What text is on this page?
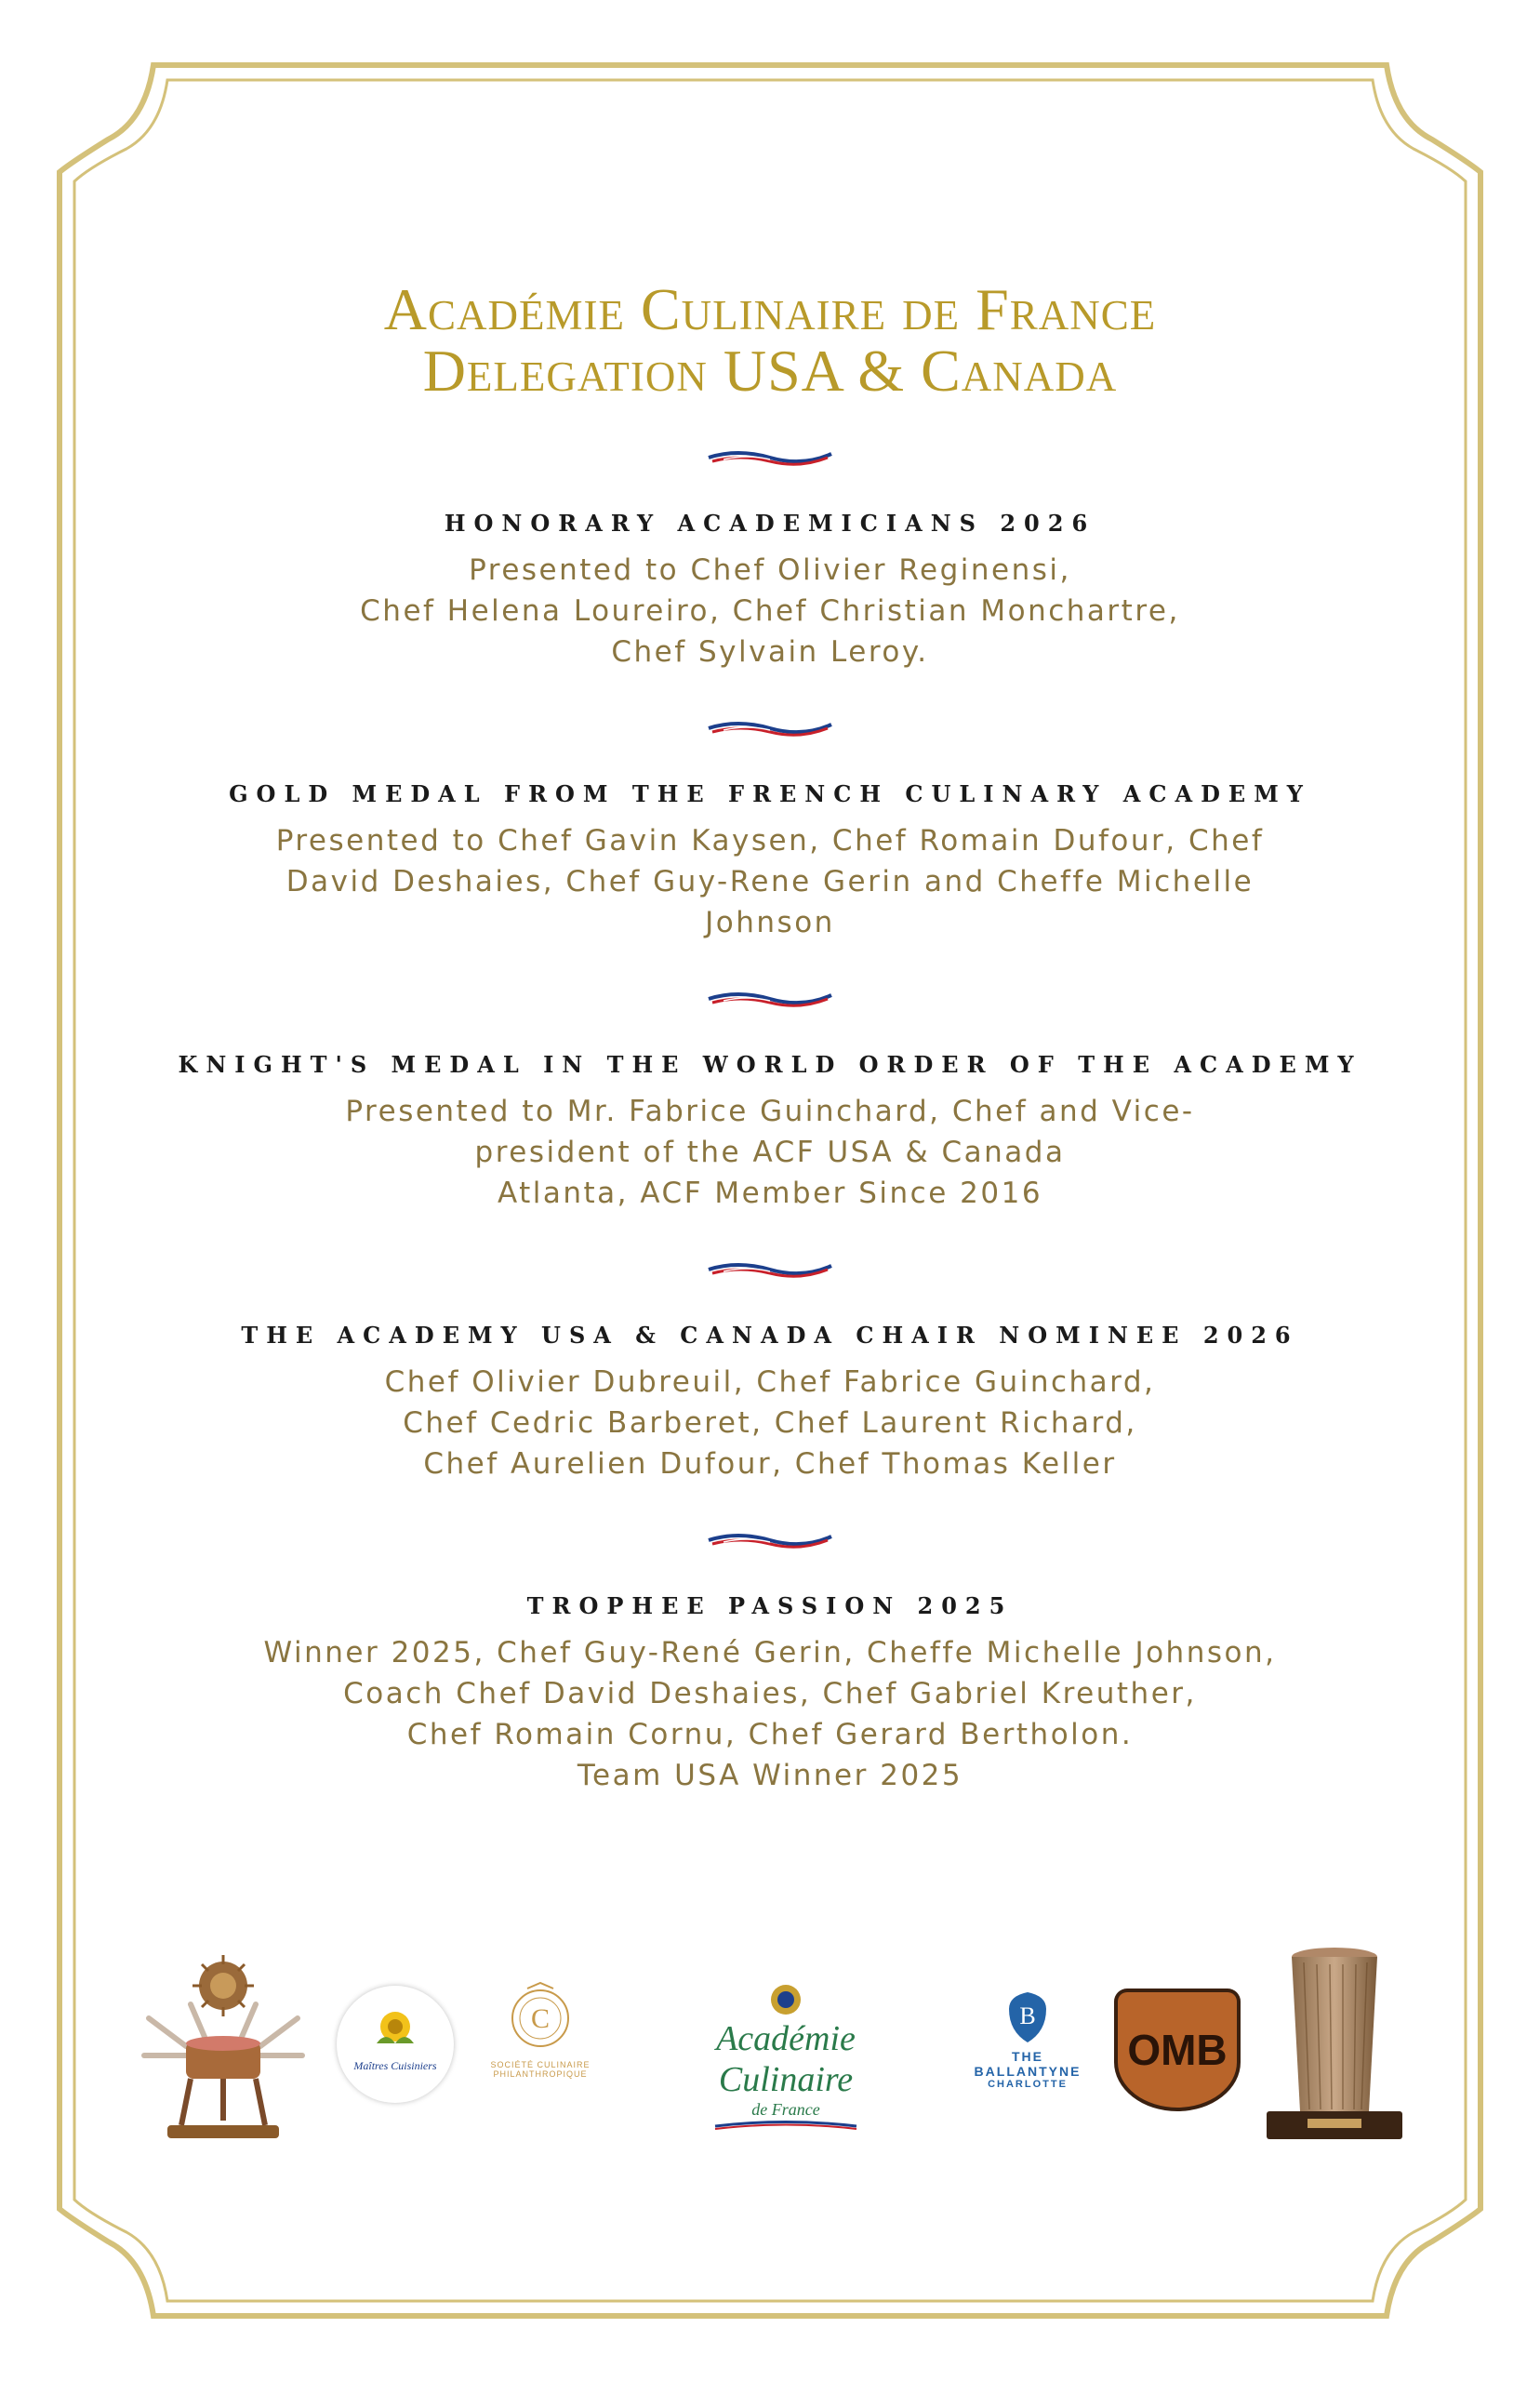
Académie Culinaire de France
Delegation USA & Canada
HONORARY ACADEMICIANS 2026

Presented to Chef Olivier Reginensi,

Chef Helena Loureiro, Chef Christian Monchartre,

Chef Sylvain Leroy.

GOLD MEDAL FROM THE FRENCH CULINARY ACADEMY

Presented to Chef Gavin Kaysen, Chef Romain Dufour, Chef

David Deshaies, Chef Guy-Rene Gerin and Cheffe Michelle

Johnson

KNIGHT'S MEDAL IN THE WORLD ORDER OF THE ACADEMY

Presented to Mr. Fabrice Guinchard, Chef and Vice-

president of the ACF USA & Canada

Atlanta, ACF Member Since 2016

THE ACADEMY USA & CANADA CHAIR NOMINEE 2026

Chef Olivier Dubreuil, Chef Fabrice Guinchard,

Chef Cedric Barberet, Chef Laurent Richard,

Chef Aurelien Dufour, Chef Thomas Keller

TROPHEE PASSION 2025

Winner 2025, Chef Guy-René Gerin, Cheffe Michelle Johnson,

Coach Chef David Deshaies, Chef Gabriel Kreuther,

Chef Romain Cornu, Chef Gerard Bertholon.

Team USA Winner 2025

Maîtres Cuisiniers
C
SOCIÉTÉ CULINAIRE
PHILANTHROPIQUE
Académie Culinaire
de France
B
THE
BALLANTYNE
CHARLOTTE
OMB
